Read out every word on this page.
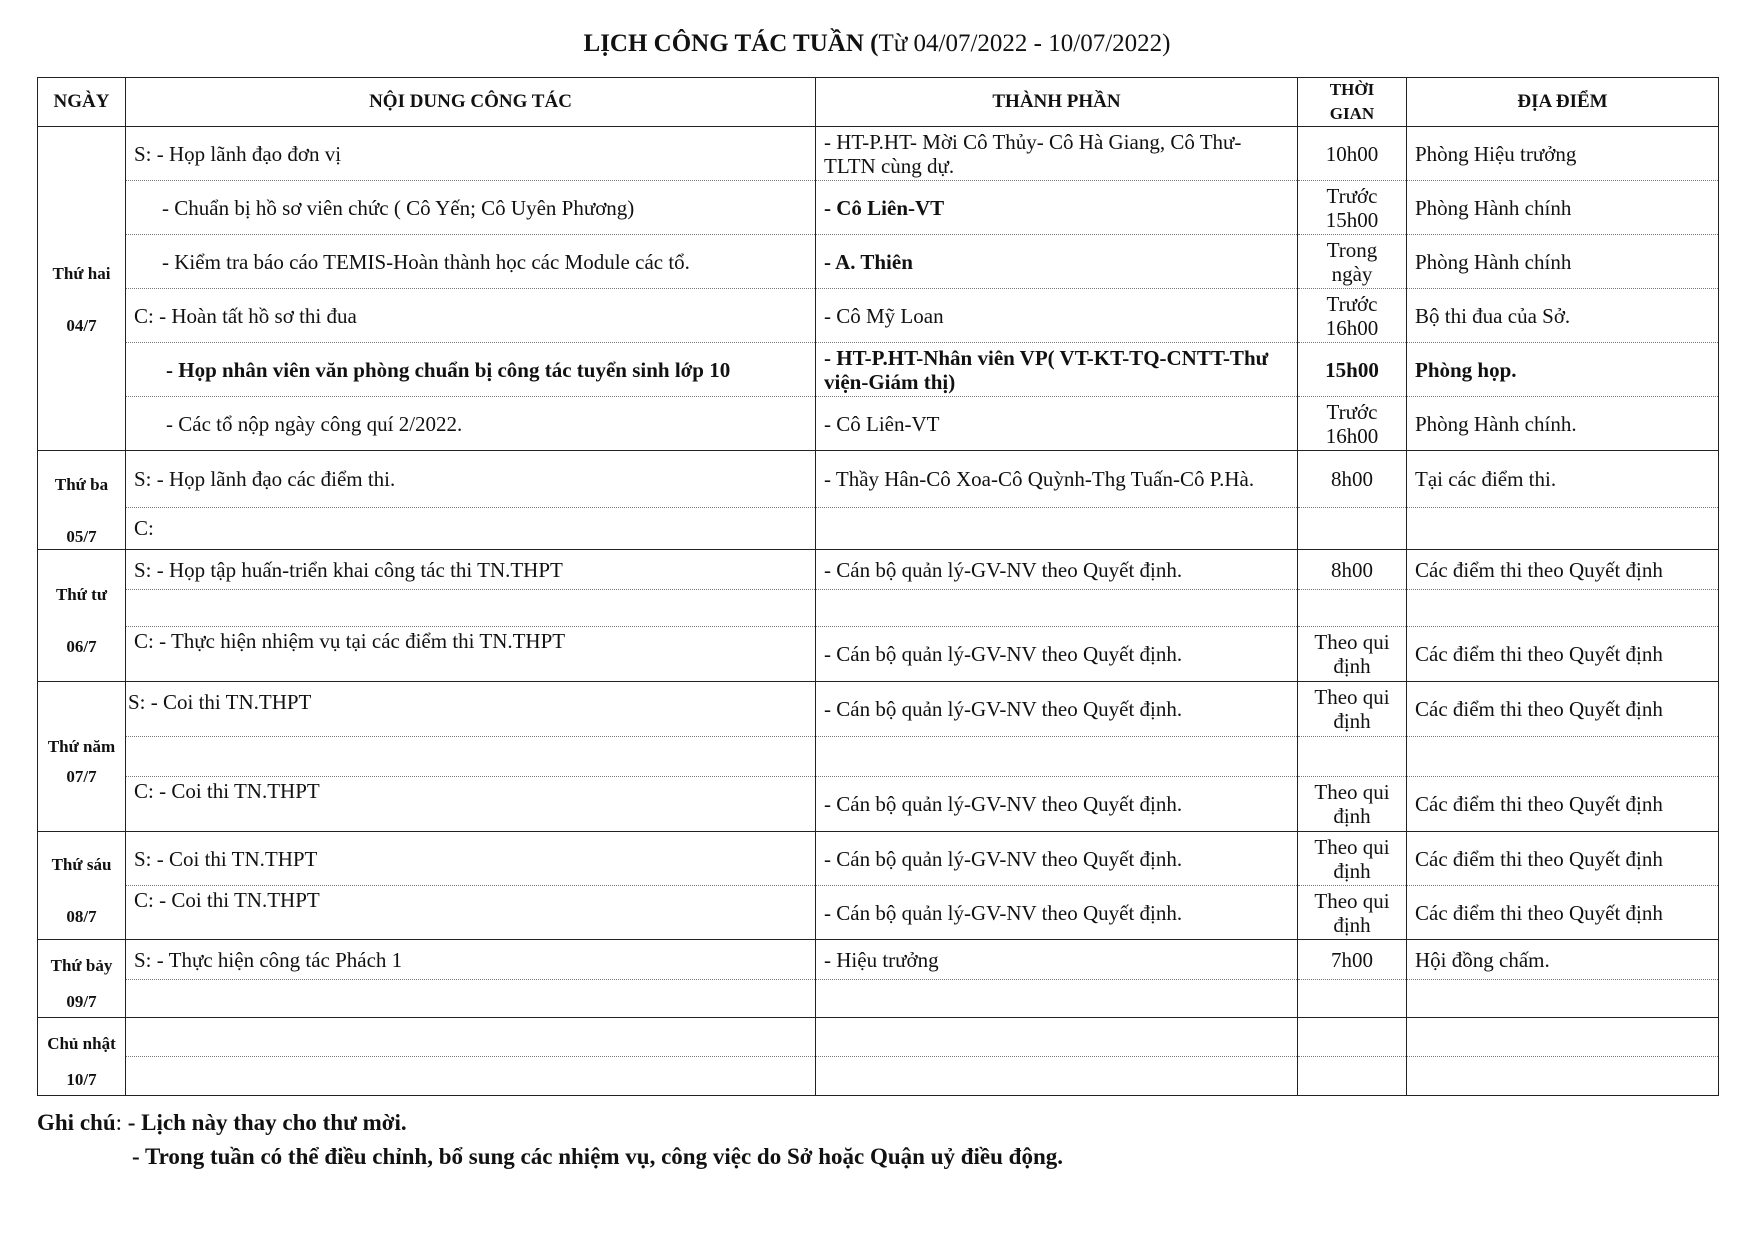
LỊCH CÔNG TÁC TUẦN (Từ 04/07/2022 - 10/07/2022)
NGÀY	NỘI DUNG CÔNG TÁC	THÀNH PHẦN	THỜI GIAN	ĐỊA ĐIỂM

Thứ hai
04/7	S: - Họp lãnh đạo đơn vị	- HT-P.HT- Mời Cô Thủy- Cô Hà Giang, Cô Thư-TLTN cùng dự.	10h00	Phòng Hiệu trưởng
	- Chuẩn bị hồ sơ viên chức ( Cô Yến; Cô Uyên Phương)	- Cô Liên-VT	Trước 15h00	Phòng Hành chính
	- Kiểm tra báo cáo TEMIS-Hoàn thành học các Module các tổ.	- A. Thiên	Trong ngày	Phòng Hành chính
	C: - Hoàn tất hồ sơ thi đua	- Cô Mỹ Loan	Trước 16h00	Bộ thi đua của Sở.
	- Họp nhân viên văn phòng chuẩn bị công tác tuyển sinh lớp 10	- HT-P.HT-Nhân viên VP( VT-KT-TQ-CNTT-Thư viện-Giám thị)	15h00	Phòng họp.
	- Các tổ nộp ngày công quí 2/2022.	- Cô Liên-VT	Trước 16h00	Phòng Hành chính.

Thứ ba
05/7	S: - Họp lãnh đạo các điểm thi.	- Thầy Hân-Cô Xoa-Cô Quỳnh-Thg Tuấn-Cô P.Hà.	8h00	Tại các điểm thi.
	C:			

Thứ tư
06/7	S: - Họp tập huấn-triển khai công tác thi TN.THPT	- Cán bộ quản lý-GV-NV theo Quyết định.	8h00	Các điểm thi theo Quyết định

	C: - Thực hiện nhiệm vụ tại các điểm thi TN.THPT	- Cán bộ quản lý-GV-NV theo Quyết định.	Theo qui định	Các điểm thi theo Quyết định

Thứ năm
07/7	S: - Coi thi TN.THPT	- Cán bộ quản lý-GV-NV theo Quyết định.	Theo qui định	Các điểm thi theo Quyết định

	C: - Coi thi TN.THPT	- Cán bộ quản lý-GV-NV theo Quyết định.	Theo qui định	Các điểm thi theo Quyết định

Thứ sáu
08/7	S: - Coi thi TN.THPT	- Cán bộ quản lý-GV-NV theo Quyết định.	Theo qui định	Các điểm thi theo Quyết định
	C: - Coi thi TN.THPT	- Cán bộ quản lý-GV-NV theo Quyết định.	Theo qui định	Các điểm thi theo Quyết định

Thứ bảy
09/7	S: - Thực hiện công tác Phách 1	- Hiệu trưởng	7h00	Hội đồng chấm.

Chủ nhật
10/7				

Ghi chú: - Lịch này thay cho thư mời.
- Trong tuần có thể điều chỉnh, bổ sung các nhiệm vụ, công việc do Sở hoặc Quận uỷ điều động.
